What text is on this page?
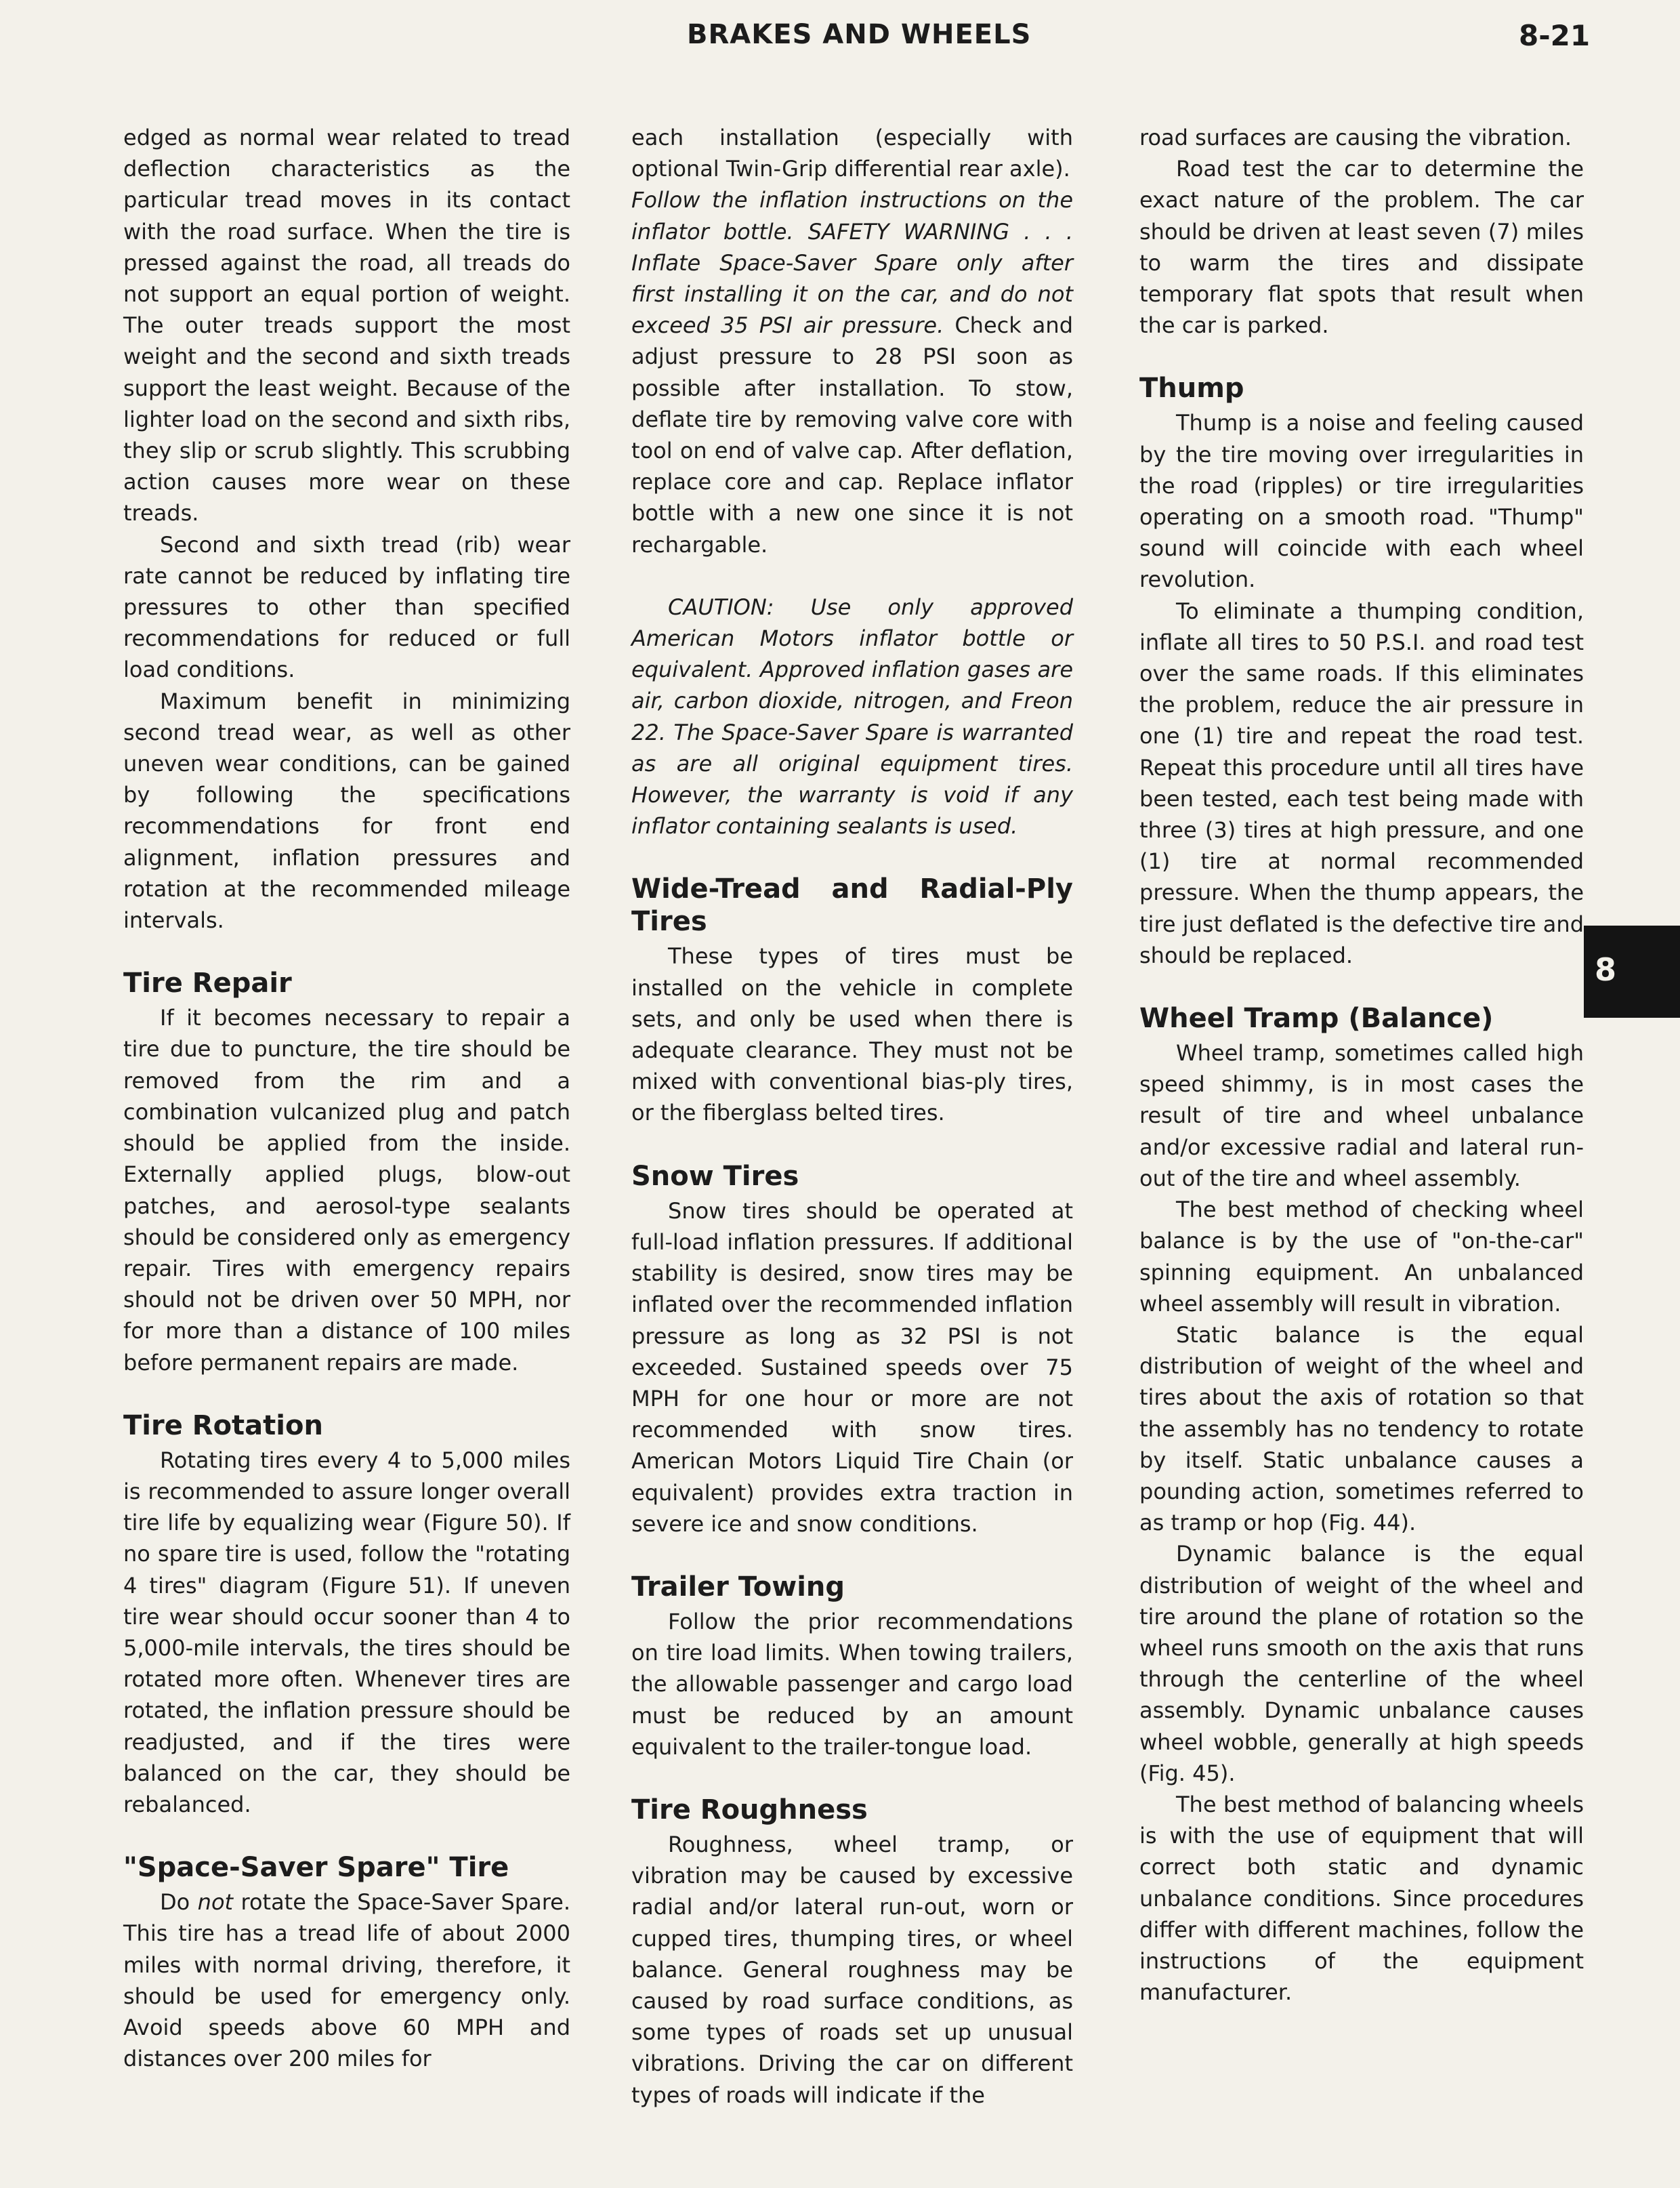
BRAKES AND WHEELS	8-21

edged as normal wear related to tread deflection characteristics as the particular tread moves in its contact with the road surface. When the tire is pressed against the road, all treads do not support an equal portion of weight. The outer treads support the most weight and the second and sixth treads support the least weight. Because of the lighter load on the second and sixth ribs, they slip or scrub slightly. This scrubbing action causes more wear on these treads.

Second and sixth tread (rib) wear rate cannot be reduced by inflating tire pressures to other than specified recommendations for reduced or full load conditions.

Maximum benefit in minimizing second tread wear, as well as other uneven wear conditions, can be gained by following the specifications recommendations for front end alignment, inflation pressures and rotation at the recommended mileage intervals.

Tire Repair

If it becomes necessary to repair a tire due to puncture, the tire should be removed from the rim and a combination vulcanized plug and patch should be applied from the inside. Externally applied plugs, blow-out patches, and aerosol-type sealants should be considered only as emergency repair. Tires with emergency repairs should not be driven over 50 MPH, nor for more than a distance of 100 miles before permanent repairs are made.

Tire Rotation

Rotating tires every 4 to 5,000 miles is recommended to assure longer overall tire life by equalizing wear (Figure 50). If no spare tire is used, follow the "rotating 4 tires" diagram (Figure 51). If uneven tire wear should occur sooner than 4 to 5,000-mile intervals, the tires should be rotated more often. Whenever tires are rotated, the inflation pressure should be readjusted, and if the tires were balanced on the car, they should be rebalanced.

"Space-Saver Spare" Tire

Do not rotate the Space-Saver Spare. This tire has a tread life of about 2000 miles with normal driving, therefore, it should be used for emergency only. Avoid speeds above 60 MPH and distances over 200 miles for

each installation (especially with optional Twin-Grip differential rear axle).

Follow the inflation instructions on the inflator bottle. SAFETY WARNING . . . Inflate Space-Saver Spare only after first installing it on the car, and do not exceed 35 PSI air pressure. Check and adjust pressure to 28 PSI soon as possible after installation. To stow, deflate tire by removing valve core with tool on end of valve cap. After deflation, replace core and cap. Replace inflator bottle with a new one since it is not rechargable.

CAUTION: Use only approved American Motors inflator bottle or equivalent. Approved inflation gases are air, carbon dioxide, nitrogen, and Freon 22. The Space-Saver Spare is warranted as are all original equipment tires. However, the warranty is void if any inflator containing sealants is used.

Wide-Tread and Radial-Ply Tires

These types of tires must be installed on the vehicle in complete sets, and only be used when there is adequate clearance. They must not be mixed with conventional bias-ply tires, or the fiberglass belted tires.

Snow Tires

Snow tires should be operated at full-load inflation pressures. If additional stability is desired, snow tires may be inflated over the recommended inflation pressure as long as 32 PSI is not exceeded. Sustained speeds over 75 MPH for one hour or more are not recommended with snow tires. American Motors Liquid Tire Chain (or equivalent) provides extra traction in severe ice and snow conditions.

Trailer Towing

Follow the prior recommendations on tire load limits. When towing trailers, the allowable passenger and cargo load must be reduced by an amount equivalent to the trailer-tongue load.

Tire Roughness

Roughness, wheel tramp, or vibration may be caused by excessive radial and/or lateral run-out, worn or cupped tires, thumping tires, or wheel balance. General roughness may be caused by road surface conditions, as some types of roads set up unusual vibrations. Driving the car on different types of roads will indicate if the

road surfaces are causing the vibration.

Road test the car to determine the exact nature of the problem. The car should be driven at least seven (7) miles to warm the tires and dissipate temporary flat spots that result when the car is parked.

Thump

Thump is a noise and feeling caused by the tire moving over irregularities in the road (ripples) or tire irregularities operating on a smooth road. "Thump" sound will coincide with each wheel revolution.

To eliminate a thumping condition, inflate all tires to 50 P.S.I. and road test over the same roads. If this eliminates the problem, reduce the air pressure in one (1) tire and repeat the road test. Repeat this procedure until all tires have been tested, each test being made with three (3) tires at high pressure, and one (1) tire at normal recommended pressure. When the thump appears, the tire just deflated is the defective tire and should be replaced.

Wheel Tramp (Balance)

Wheel tramp, sometimes called high speed shimmy, is in most cases the result of tire and wheel unbalance and/or excessive radial and lateral run-out of the tire and wheel assembly.

The best method of checking wheel balance is by the use of "on-the-car" spinning equipment. An unbalanced wheel assembly will result in vibration.

Static balance is the equal distribution of weight of the wheel and tires about the axis of rotation so that the assembly has no tendency to rotate by itself. Static unbalance causes a pounding action, sometimes referred to as tramp or hop (Fig. 44).

Dynamic balance is the equal distribution of weight of the wheel and tire around the plane of rotation so the wheel runs smooth on the axis that runs through the centerline of the wheel assembly. Dynamic unbalance causes wheel wobble, generally at high speeds (Fig. 45).

The best method of balancing wheels is with the use of equipment that will correct both static and dynamic unbalance conditions. Since procedures differ with different machines, follow the instructions of the equipment manufacturer.

8
